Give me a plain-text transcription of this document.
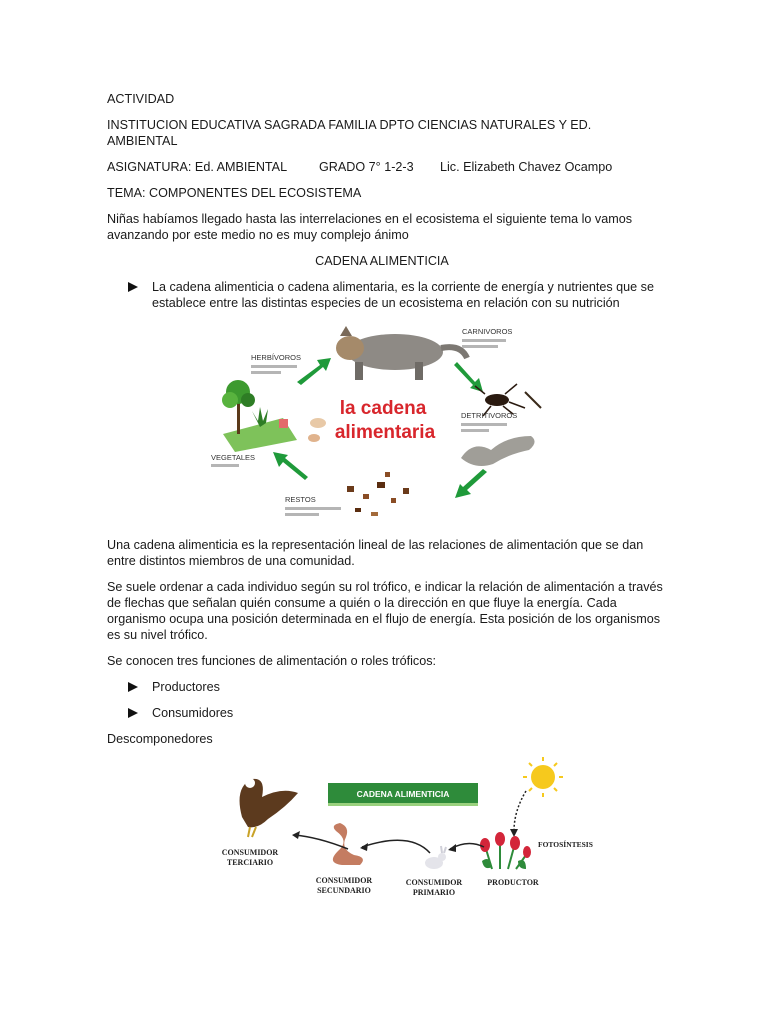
ACTIVIDAD

INSTITUCION EDUCATIVA SAGRADA FAMILIA DPTO CIENCIAS NATURALES Y ED.

AMBIENTAL

ASIGNATURA: Ed. AMBIENTAL	GRADO 7° 1-2-3 Lic. Elizabeth Chavez Ocampo

TEMA: COMPONENTES DEL ECOSISTEMA

Niñas habíamos llegado hasta las interrelaciones en el ecosistema el siguiente tema lo vamos

avanzando por este medio no es muy complejo ánimo

CADENA ALIMENTICIA

La cadena alimenticia o cadena alimentaria, es la corriente de energía y nutrientes que se

establece entre las distintas especies de un ecosistema en relación con su nutrición

CARNIVOROS
HERBÍVOROS
VEGETALES
la cadena
alimentaria
DETRITIVOROS
RESTOS

Una cadena alimenticia es la representación lineal de las relaciones de alimentación que se dan

entre distintos miembros de una comunidad.

Se suele ordenar a cada individuo según su rol trófico, e indicar la relación de alimentación a través

de flechas que señalan quién consume a quién o la dirección en que fluye la energía. Cada

organismo ocupa una posición determinada en el flujo de energía. Esta posición de los organismos

es su nivel trófico.

Se conocen tres funciones de alimentación o roles tróficos:

Productores

Consumidores

Descomponedores

CADENA ALIMENTICIA
FOTOSÍNTESIS
CONSUMIDOR
TERCIARIO
CONSUMIDOR
SECUNDARIO
CONSUMIDOR
PRIMARIO
PRODUCTOR
